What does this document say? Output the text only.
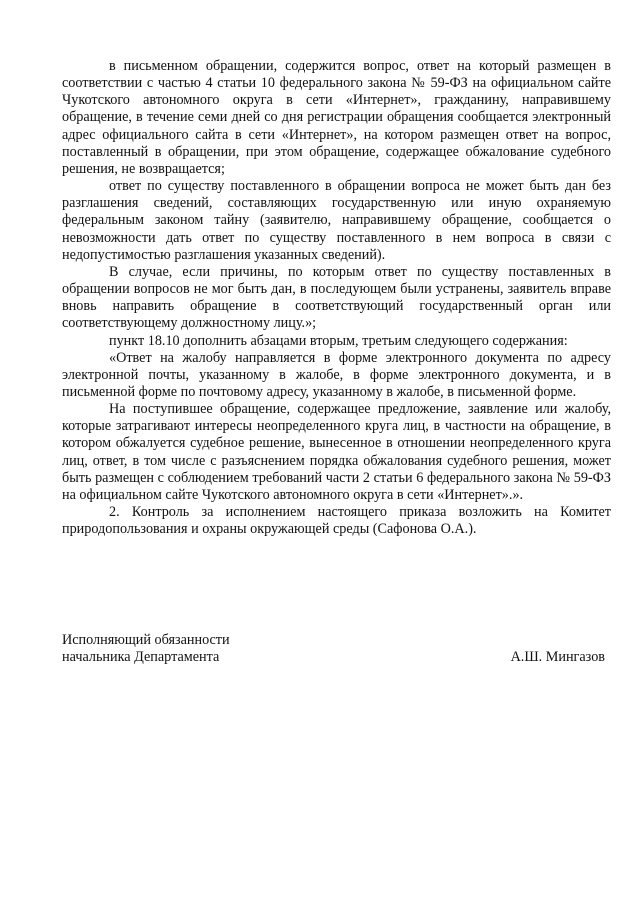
в письменном обращении, содержится вопрос, ответ на который размещен в соответствии с частью 4 статьи 10 федерального закона № 59-ФЗ на официальном сайте Чукотского автономного округа в сети «Интернет», гражданину, направившему обращение, в течение семи дней со дня регистрации обращения сообщается электронный адрес официального сайта в сети «Интернет», на котором размещен ответ на вопрос, поставленный в обращении, при этом обращение, содержащее обжалование судебного решения, не возвращается;

ответ по существу поставленного в обращении вопроса не может быть дан без разглашения сведений, составляющих государственную или иную охраняемую федеральным законом тайну (заявителю, направившему обращение, сообщается о невозможности дать ответ по существу поставленного в нем вопроса в связи с недопустимостью разглашения указанных сведений).

В случае, если причины, по которым ответ по существу поставленных в обращении вопросов не мог быть дан, в последующем были устранены, заявитель вправе вновь направить обращение в соответствующий государственный орган или соответствующему должностному лицу.»;

пункт 18.10 дополнить абзацами вторым, третьим следующего содержания:

«Ответ на жалобу направляется в форме электронного документа по адресу электронной почты, указанному в жалобе, в форме электронного документа, и в письменной форме по почтовому адресу, указанному в жалобе, в письменной форме.

На поступившее обращение, содержащее предложение, заявление или жалобу, которые затрагивают интересы неопределенного круга лиц, в частности на обращение, в котором обжалуется судебное решение, вынесенное в отношении неопределенного круга лиц, ответ, в том числе с разъяснением порядка обжалования судебного решения, может быть размещен с соблюдением требований части 2 статьи 6 федерального закона № 59-ФЗ на официальном сайте Чукотского автономного округа в сети «Интернет».».

2. Контроль за исполнением настоящего приказа возложить на Комитет природопользования и охраны окружающей среды (Сафонова О.А.).

Исполняющий обязанности
начальника Департамента	А.Ш. Мингазов
